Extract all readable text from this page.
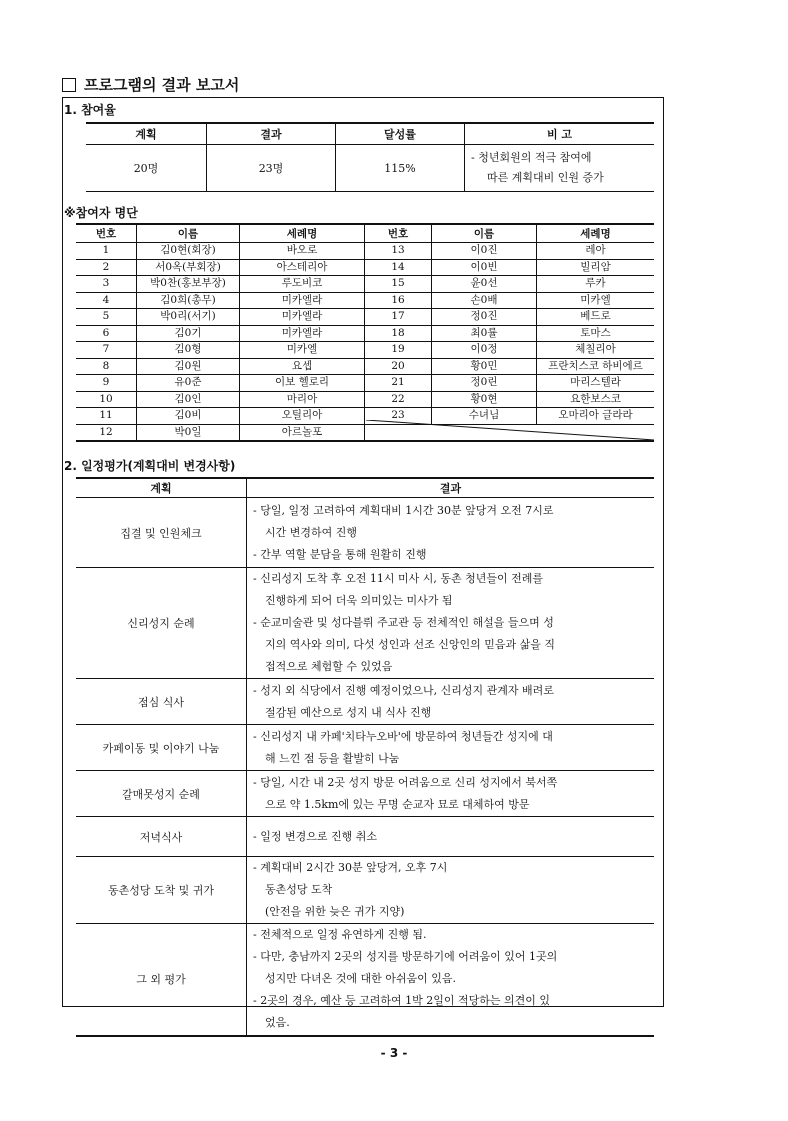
프로그램의 결과 보고서
1. 참여율
계획	결과	달성률	비 고
20명	23명	115%	- 청년회원의 적극 참여에
따른 계획대비 인원 증가
※참여자 명단
번호	이름	세례명	번호	이름	세례명
1	김0현(회장)	바오로	13	이0진	레아
2	서0옥(부회장)	아스테리아	14	이0빈	빌리암
3	박0찬(홍보부장)	루도비코	15	윤0선	루카
4	김0희(총무)	미카엘라	16	손0배	미카엘
5	박0리(서기)	미카엘라	17	정0진	베드로
6	김0기	미카엘라	18	최0률	토마스
7	김0형	미카엘	19	이0정	체칠리아
8	김0원	요셉	20	황0민	프란치스코 하비에르
9	유0준	이보 헬로리	21	정0린	마리스텔라
10	김0인	마리아	22	황0현	요한보스코
11	김0비	오틸리아	23	수녀님	오마리아 글라라
12	박0일	아르놀포			
2. 일정평가(계획대비 변경사항)
계획	결과
집결 및 인원체크	- 당일, 일정 고려하여 계획대비 1시간 30분 앞당겨 오전 7시로
시간 변경하여 진행
- 간부 역할 분담을 통해 원활히 진행

신리성지 순례	- 신리성지 도착 후 오전 11시 미사 시, 동촌 청년들이 전례를
진행하게 되어 더욱 의미있는 미사가 됨
- 순교미술관 및 성다블뤼 주교관 등 전체적인 해설을 들으며 성
지의 역사와 의미, 다섯 성인과 선조 신앙인의 믿음과 삶을 직
접적으로 체험할 수 있었음

점심 식사	- 성지 외 식당에서 진행 예정이었으나, 신리성지 관계자 배려로
절감된 예산으로 성지 내 식사 진행

카페이동 및 이야기 나눔	- 신리성지 내 카페'치타누오바'에 방문하여 청년들간 성지에 대
해 느낀 점 등을 활발히 나눔

갈매못성지 순례	- 당일, 시간 내 2곳 성지 방문 어려움으로 신리 성지에서 북서쪽
으로 약 1.5km에 있는 무명 순교자 묘로 대체하여 방문

저녁식사	- 일정 변경으로 진행 취소

동촌성당 도착 및 귀가	- 계획대비 2시간 30분 앞당겨, 오후 7시
동촌성당 도착
(안전을 위한 늦은 귀가 지양)

그 외 평가	- 전체적으로 일정 유연하게 진행 됨.
- 다만, 충남까지 2곳의 성지를 방문하기에 어려움이 있어 1곳의
성지만 다녀온 것에 대한 아쉬움이 있음.
- 2곳의 경우, 예산 등 고려하여 1박 2일이 적당하는 의견이 있
었음.
- 3 -
